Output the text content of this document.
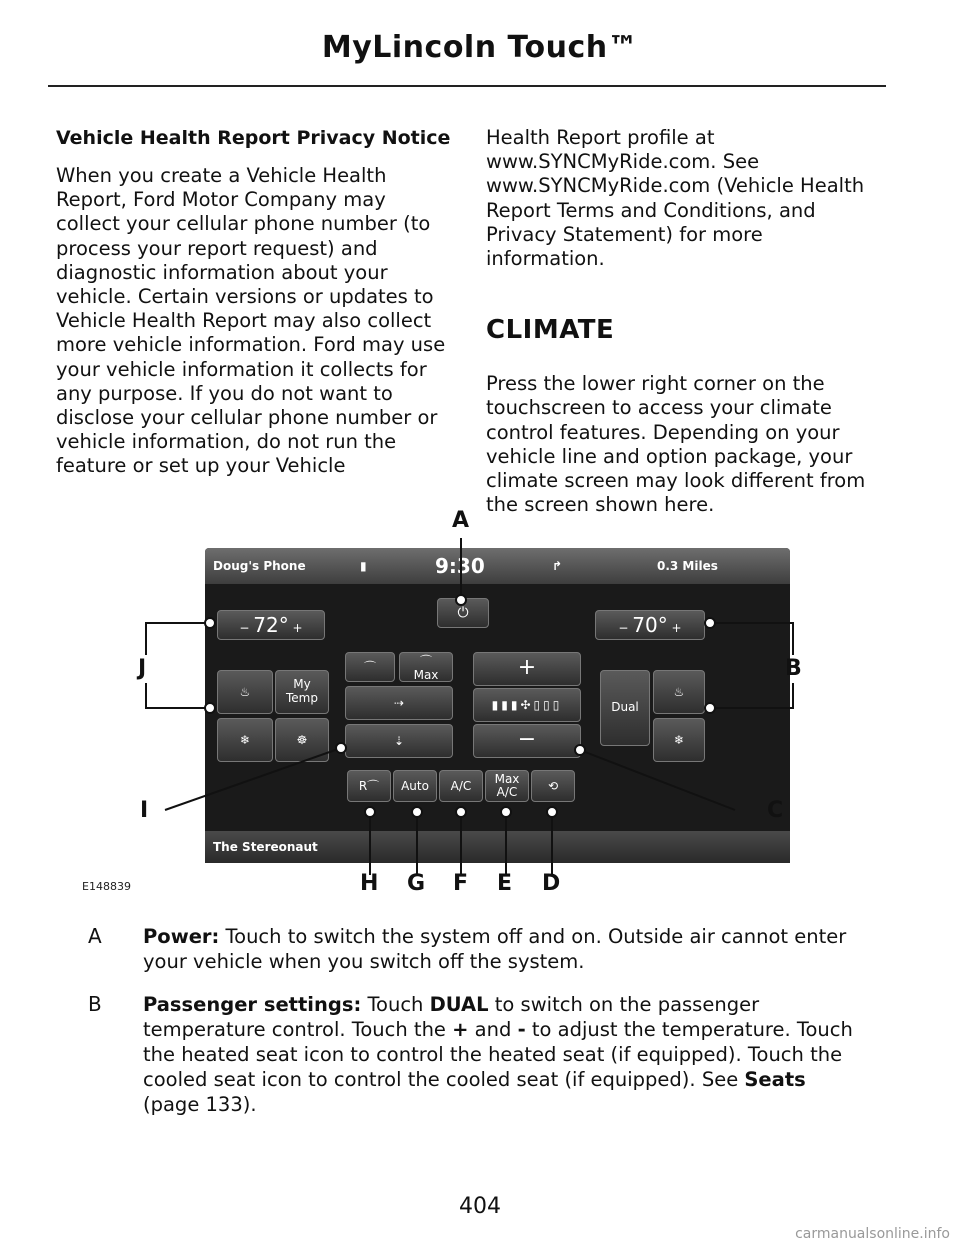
MyLincoln Touch™

Vehicle Health Report Privacy Notice

When you create a Vehicle Health Report, Ford Motor Company may collect your cellular phone number (to process your report request) and diagnostic information about your vehicle. Certain versions or updates to Vehicle Health Report may also collect more vehicle information. Ford may use your vehicle information it collects for any purpose. If you do not want to disclose your cellular phone number or vehicle information, do not run the feature or set up your Vehicle

Health Report profile at www.SYNCMyRide.com. See www.SYNCMyRide.com (Vehicle Health Report Terms and Conditions, and Privacy Statement) for more information.

CLIMATE

Press the lower right corner on the touchscreen to access your climate control features. Depending on your vehicle line and option package, your climate screen may look different from the screen shown here.

Doug's Phone	▮	9:30	↱	0.3 Miles
⏻
− 72° +	− 70° +
♨
My Temp
❄	☸
⌒	⌒
Max
⇢
⇣
+
▮▮▮✣▯▯▯
−
Dual
♨
❄
R⌒	Auto	A/C	Max A/C	⟲
The Stereonaut
A
B
C
D
E
F
G
H
I
J
E148839
A	Power: Touch to switch the system off and on. Outside air cannot enter your vehicle when you switch off the system.
B	Passenger settings: Touch DUAL to switch on the passenger temperature control. Touch the + and - to adjust the temperature. Touch the heated seat icon to control the heated seat (if equipped). Touch the cooled seat icon to control the cooled seat (if equipped). See Seats (page 133).
404
carmanualsonline.info
